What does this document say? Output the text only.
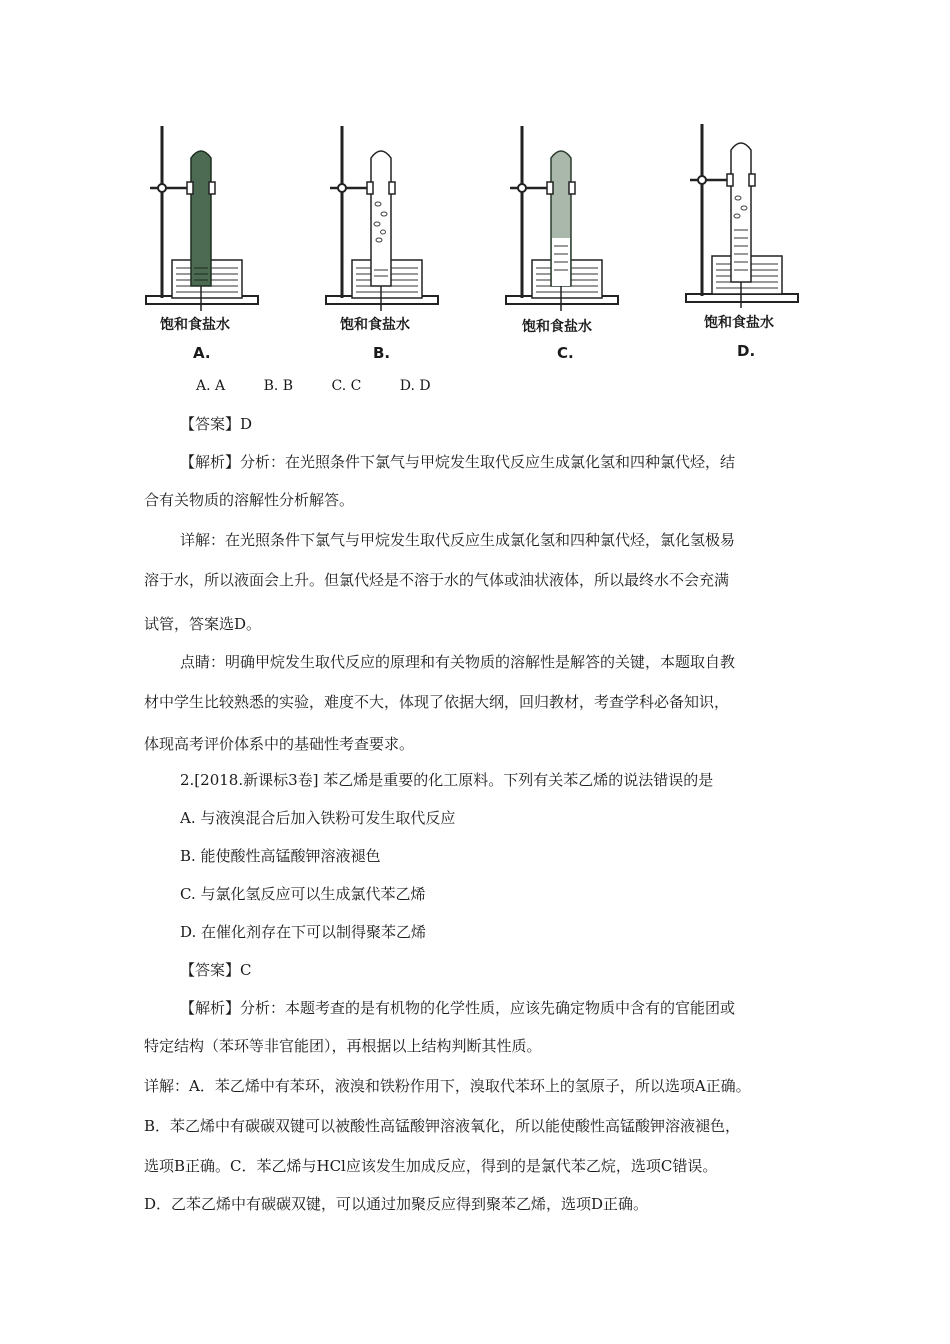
饱和食盐水
A.
饱和食盐水
B.
饱和食盐水
C.
饱和食盐水
D.
A. A	B. B	C. C	D. D
【答案】D
【解析】分析：在光照条件下氯气与甲烷发生取代反应生成氯化氢和四种氯代烃，结
合有关物质的溶解性分析解答。
详解：在光照条件下氯气与甲烷发生取代反应生成氯化氢和四种氯代烃，氯化氢极易
溶于水，所以液面会上升。但氯代烃是不溶于水的气体或油状液体，所以最终水不会充满
试管，答案选D。
点睛：明确甲烷发生取代反应的原理和有关物质的溶解性是解答的关键，本题取自教
材中学生比较熟悉的实验，难度不大，体现了依据大纲，回归教材，考查学科必备知识，
体现高考评价体系中的基础性考查要求。
2.[2018.新课标3卷] 苯乙烯是重要的化工原料。下列有关苯乙烯的说法错误的是
A. 与液溴混合后加入铁粉可发生取代反应
B. 能使酸性高锰酸钾溶液褪色
C. 与氯化氢反应可以生成氯代苯乙烯
D. 在催化剂存在下可以制得聚苯乙烯
【答案】C
【解析】分析：本题考查的是有机物的化学性质，应该先确定物质中含有的官能团或
特定结构（苯环等非官能团），再根据以上结构判断其性质。
详解：A．苯乙烯中有苯环，液溴和铁粉作用下，溴取代苯环上的氢原子，所以选项A正确。
B．苯乙烯中有碳碳双键可以被酸性高锰酸钾溶液氧化，所以能使酸性高锰酸钾溶液褪色，
选项B正确。C．苯乙烯与HCl应该发生加成反应，得到的是氯代苯乙烷，选项C错误。
D．乙苯乙烯中有碳碳双键，可以通过加聚反应得到聚苯乙烯，选项D正确。
